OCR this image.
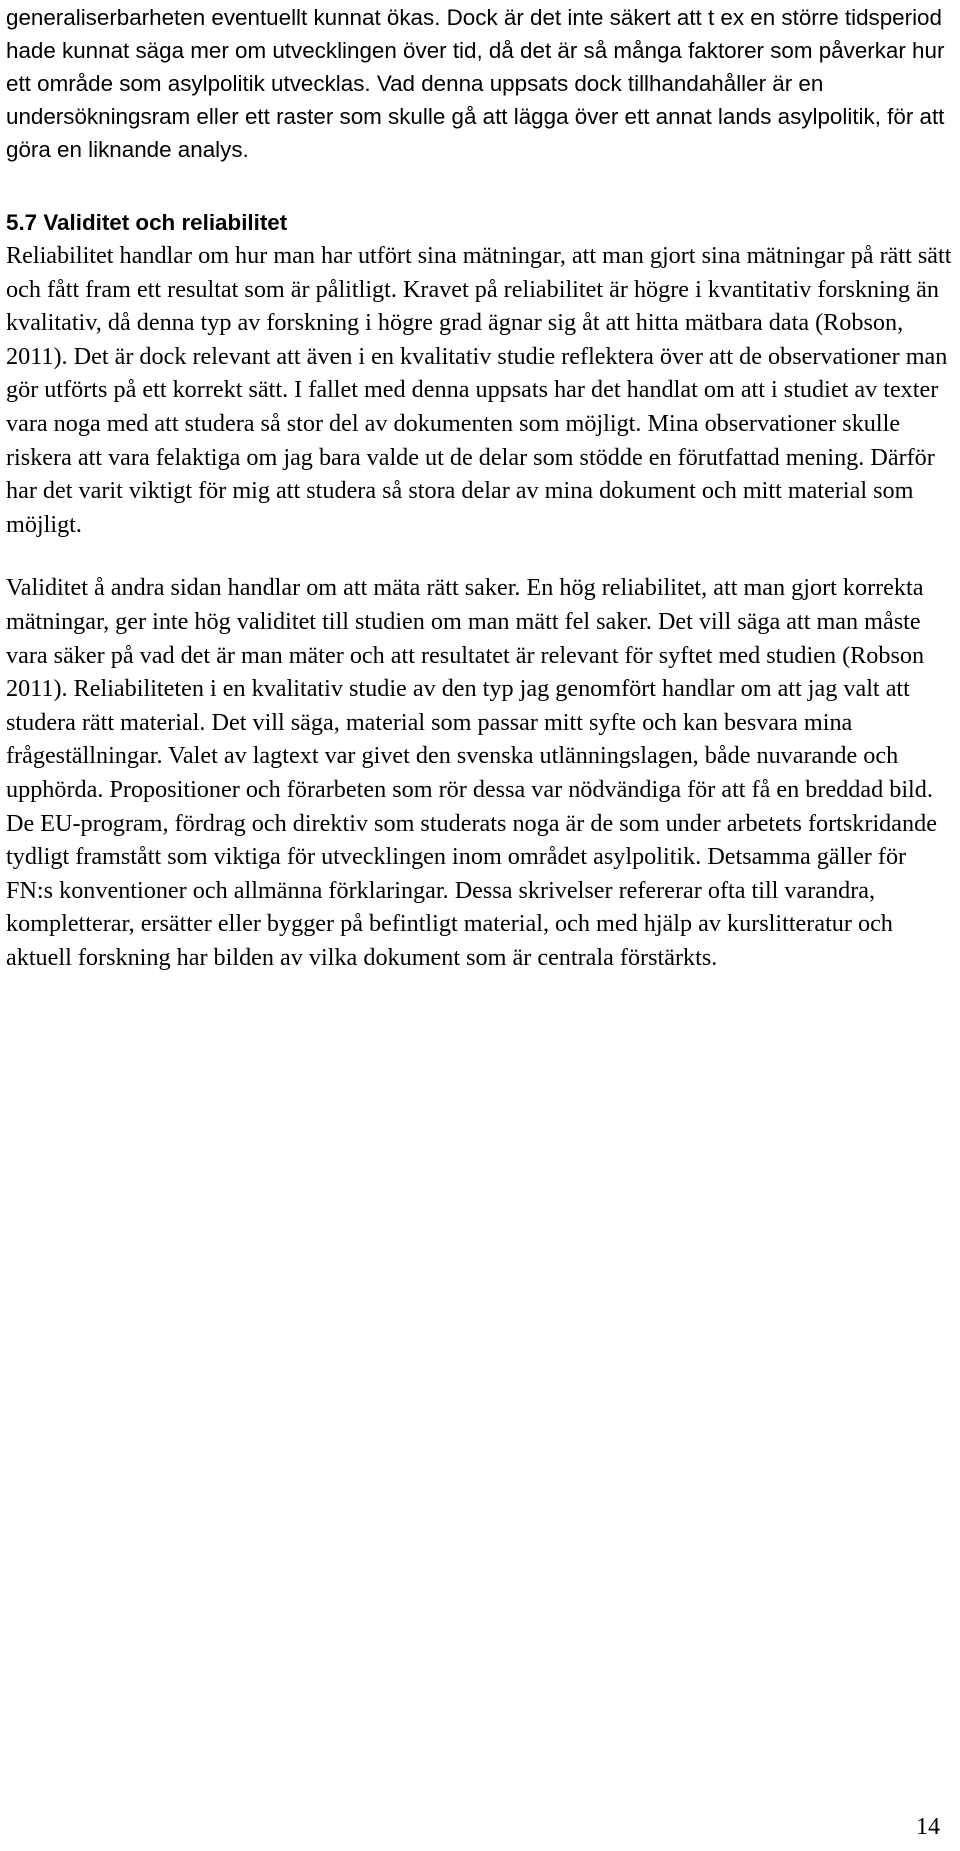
generaliserbarheten eventuellt kunnat ökas. Dock är det inte säkert att t ex en större tidsperiod hade kunnat säga mer om utvecklingen över tid, då det är så många faktorer som påverkar hur ett område som asylpolitik utvecklas. Vad denna uppsats dock tillhandahåller är en undersökningsram eller ett raster som skulle gå att lägga över ett annat lands asylpolitik, för att göra en liknande analys.

5.7 Validitet och reliabilitet

Reliabilitet handlar om hur man har utfört sina mätningar, att man gjort sina mätningar på rätt sätt och fått fram ett resultat som är pålitligt. Kravet på reliabilitet är högre i kvantitativ forskning än kvalitativ, då denna typ av forskning i högre grad ägnar sig åt att hitta mätbara data (Robson, 2011). Det är dock relevant att även i en kvalitativ studie reflektera över att de observationer man gör utförts på ett korrekt sätt. I fallet med denna uppsats har det handlat om att i studiet av texter vara noga med att studera så stor del av dokumenten som möjligt. Mina observationer skulle riskera att vara felaktiga om jag bara valde ut de delar som stödde en förutfattad mening. Därför har det varit viktigt för mig att studera så stora delar av mina dokument och mitt material som möjligt.

Validitet å andra sidan handlar om att mäta rätt saker. En hög reliabilitet, att man gjort korrekta mätningar, ger inte hög validitet till studien om man mätt fel saker. Det vill säga att man måste vara säker på vad det är man mäter och att resultatet är relevant för syftet med studien (Robson 2011). Reliabiliteten i en kvalitativ studie av den typ jag genomfört handlar om att jag valt att studera rätt material. Det vill säga, material som passar mitt syfte och kan besvara mina frågeställningar. Valet av lagtext var givet den svenska utlänningslagen, både nuvarande och upphörda. Propositioner och förarbeten som rör dessa var nödvändiga för att få en breddad bild. De EU-program, fördrag och direktiv som studerats noga är de som under arbetets fortskridande tydligt framstått som viktiga för utvecklingen inom området asylpolitik. Detsamma gäller för FN:s konventioner och allmänna förklaringar. Dessa skrivelser refererar ofta till varandra, kompletterar, ersätter eller bygger på befintligt material, och med hjälp av kurslitteratur och aktuell forskning har bilden av vilka dokument som är centrala förstärkts.

14
